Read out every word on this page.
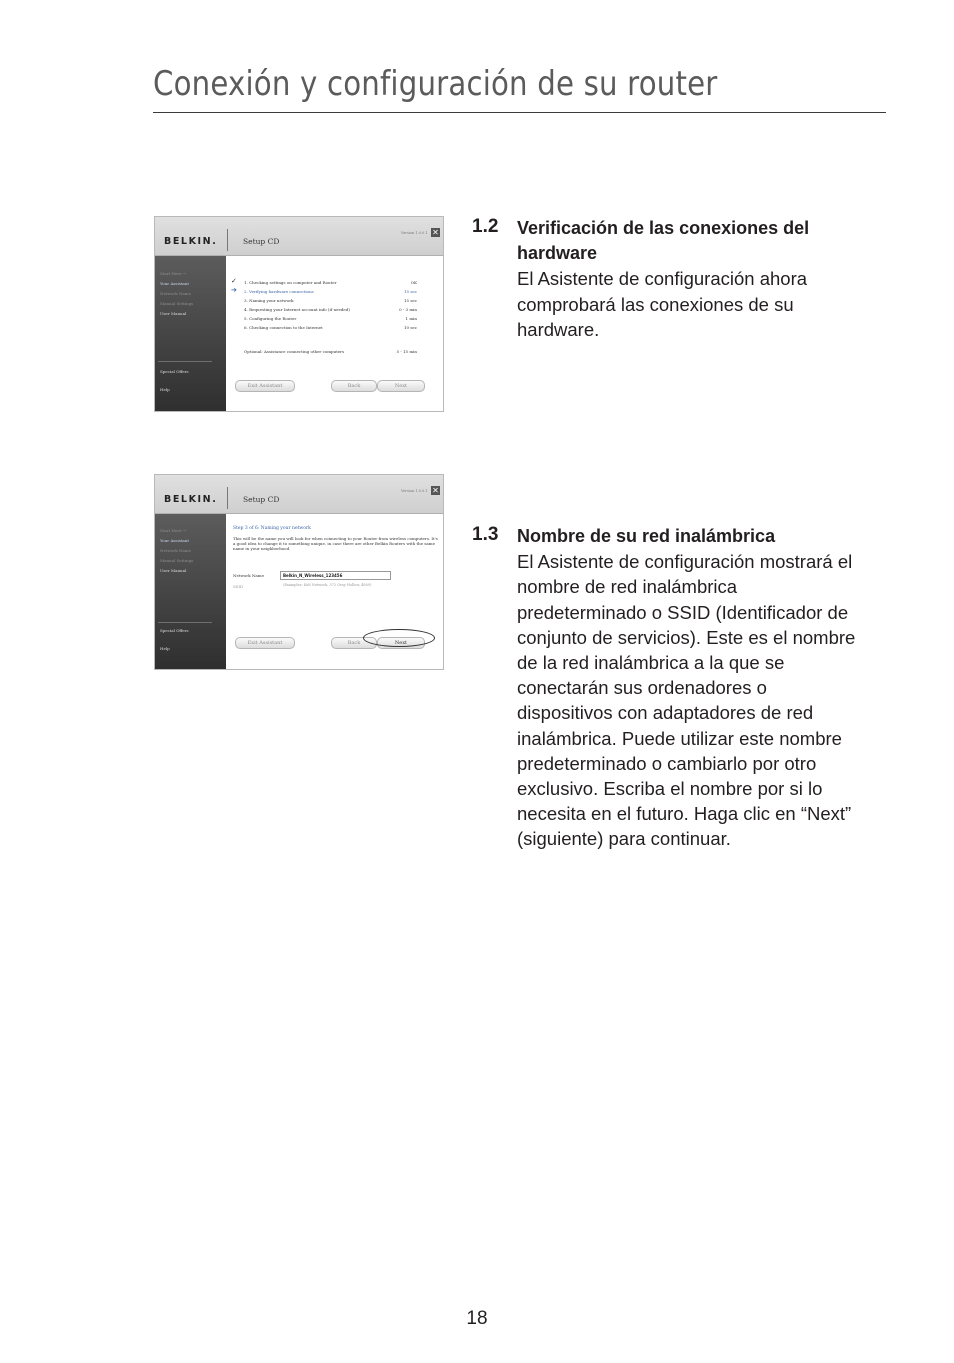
Conexión y configuración de su router
BELKIN.	Setup CD
Version 1.0.0.1 ✕
Start Here →
Your Assistant
Network Name
Manual Settings
User Manual
Special Offers
Help
✓ 1. Checking settings on computer and Router	OK
➔ 2. Verifying hardware connections	15 sec
3. Naming your network	15 sec
4. Requesting your Internet account info (if needed)	0 - 3 min
5. Configuring the Router	1 min
6. Checking connection to the Internet	10 sec
Optional: Assistance connecting other computers	5 - 15 min
Exit Assistant	Back	Next
BELKIN.	Setup CD
Version 1.0.0.1 ✕
Start Here →
Your Assistant
Network Name
Manual Settings
User Manual
Special Offers
Help
Step 3 of 6: Naming your network
This will be the name you will look for when connecting to your Router from wireless computers. It's a good idea to change it to something unique, in case there are other Belkin Routers with the same name in your neighborhood.
Network Name	Belkin_N_Wireless_123456
SSID	(Examples: Keli Network, 372 Gray Hollow, 4809)
Exit Assistant	Back	Next
1.2 Verificación de las conexiones del hardware
El Asistente de configuración ahora comprobará las conexiones de su hardware.
1.3 Nombre de su red inalámbrica
El Asistente de configuración mostrará el nombre de red inalámbrica predeterminado o SSID (Identificador de conjunto de servicios). Este es el nombre de la red inalámbrica a la que se conectarán sus ordenadores o dispositivos con adaptadores de red inalámbrica. Puede utilizar este nombre predeterminado o cambiarlo por otro exclusivo. Escriba el nombre por si lo necesita en el futuro. Haga clic en “Next” (siguiente) para continuar.
18
